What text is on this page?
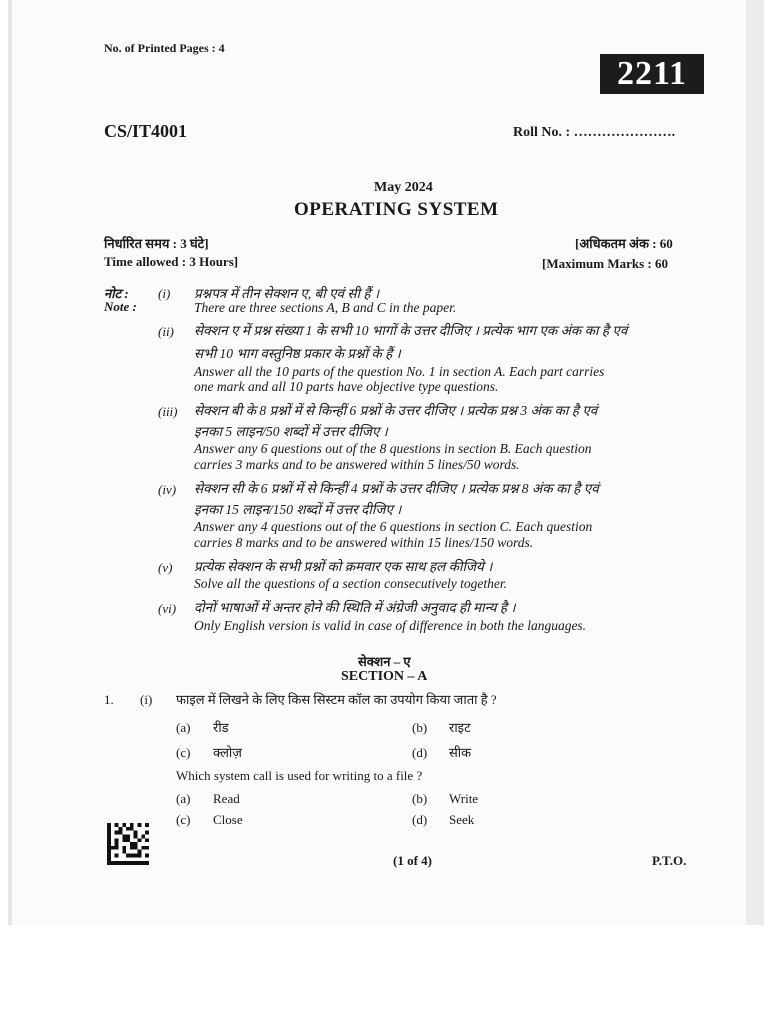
No. of Printed Pages : 4
2211
CS/IT4001	Roll No. : ………………….
May 2024
OPERATING SYSTEM
निर्धारित समय : 3 घंटे]
Time allowed : 3 Hours]
[अधिकतम अंक : 60
[Maximum Marks : 60
नोट :
Note :
(i) प्रश्नपत्र में तीन सेक्शन ए, बी एवं सी हैं ।
There are three sections A, B and C in the paper.
(ii) सेक्शन ए में प्रश्न संख्या 1 के सभी 10 भागों के उत्तर दीजिए । प्रत्येक भाग एक अंक का है एवं
सभी 10 भाग वस्तुनिष्ठ प्रकार के प्रश्नों के हैं ।
Answer all the 10 parts of the question No. 1 in section A. Each part carries
one mark and all 10 parts have objective type questions.
(iii) सेक्शन बी के 8 प्रश्नों में से किन्हीं 6 प्रश्नों के उत्तर दीजिए । प्रत्येक प्रश्न 3 अंक का है एवं
इनका 5 लाइन/50 शब्दों में उत्तर दीजिए ।
Answer any 6 questions out of the 8 questions in section B. Each question
carries 3 marks and to be answered within 5 lines/50 words.
(iv) सेक्शन सी के 6 प्रश्नों में से किन्हीं 4 प्रश्नों के उत्तर दीजिए । प्रत्येक प्रश्न 8 अंक का है एवं
इनका 15 लाइन/150 शब्दों में उत्तर दीजिए ।
Answer any 4 questions out of the 6 questions in section C. Each question
carries 8 marks and to be answered within 15 lines/150 words.
(v) प्रत्येक सेक्शन के सभी प्रश्नों को क्रमवार एक साथ हल कीजिये ।
Solve all the questions of a section consecutively together.
(vi) दोनों भाषाओं में अन्तर होने की स्थिति में अंग्रेजी अनुवाद ही मान्य है ।
Only English version is valid in case of difference in both the languages.
सेक्शन – ए
SECTION – A
1. (i) फाइल में लिखने के लिए किस सिस्टम कॉल का उपयोग किया जाता है ?
(a) रीड	(b) राइट
(c) क्लोज़	(d) सीक
Which system call is used for writing to a file ?
(a) Read	(b) Write
(c) Close	(d) Seek
(1 of 4)	P.T.O.
